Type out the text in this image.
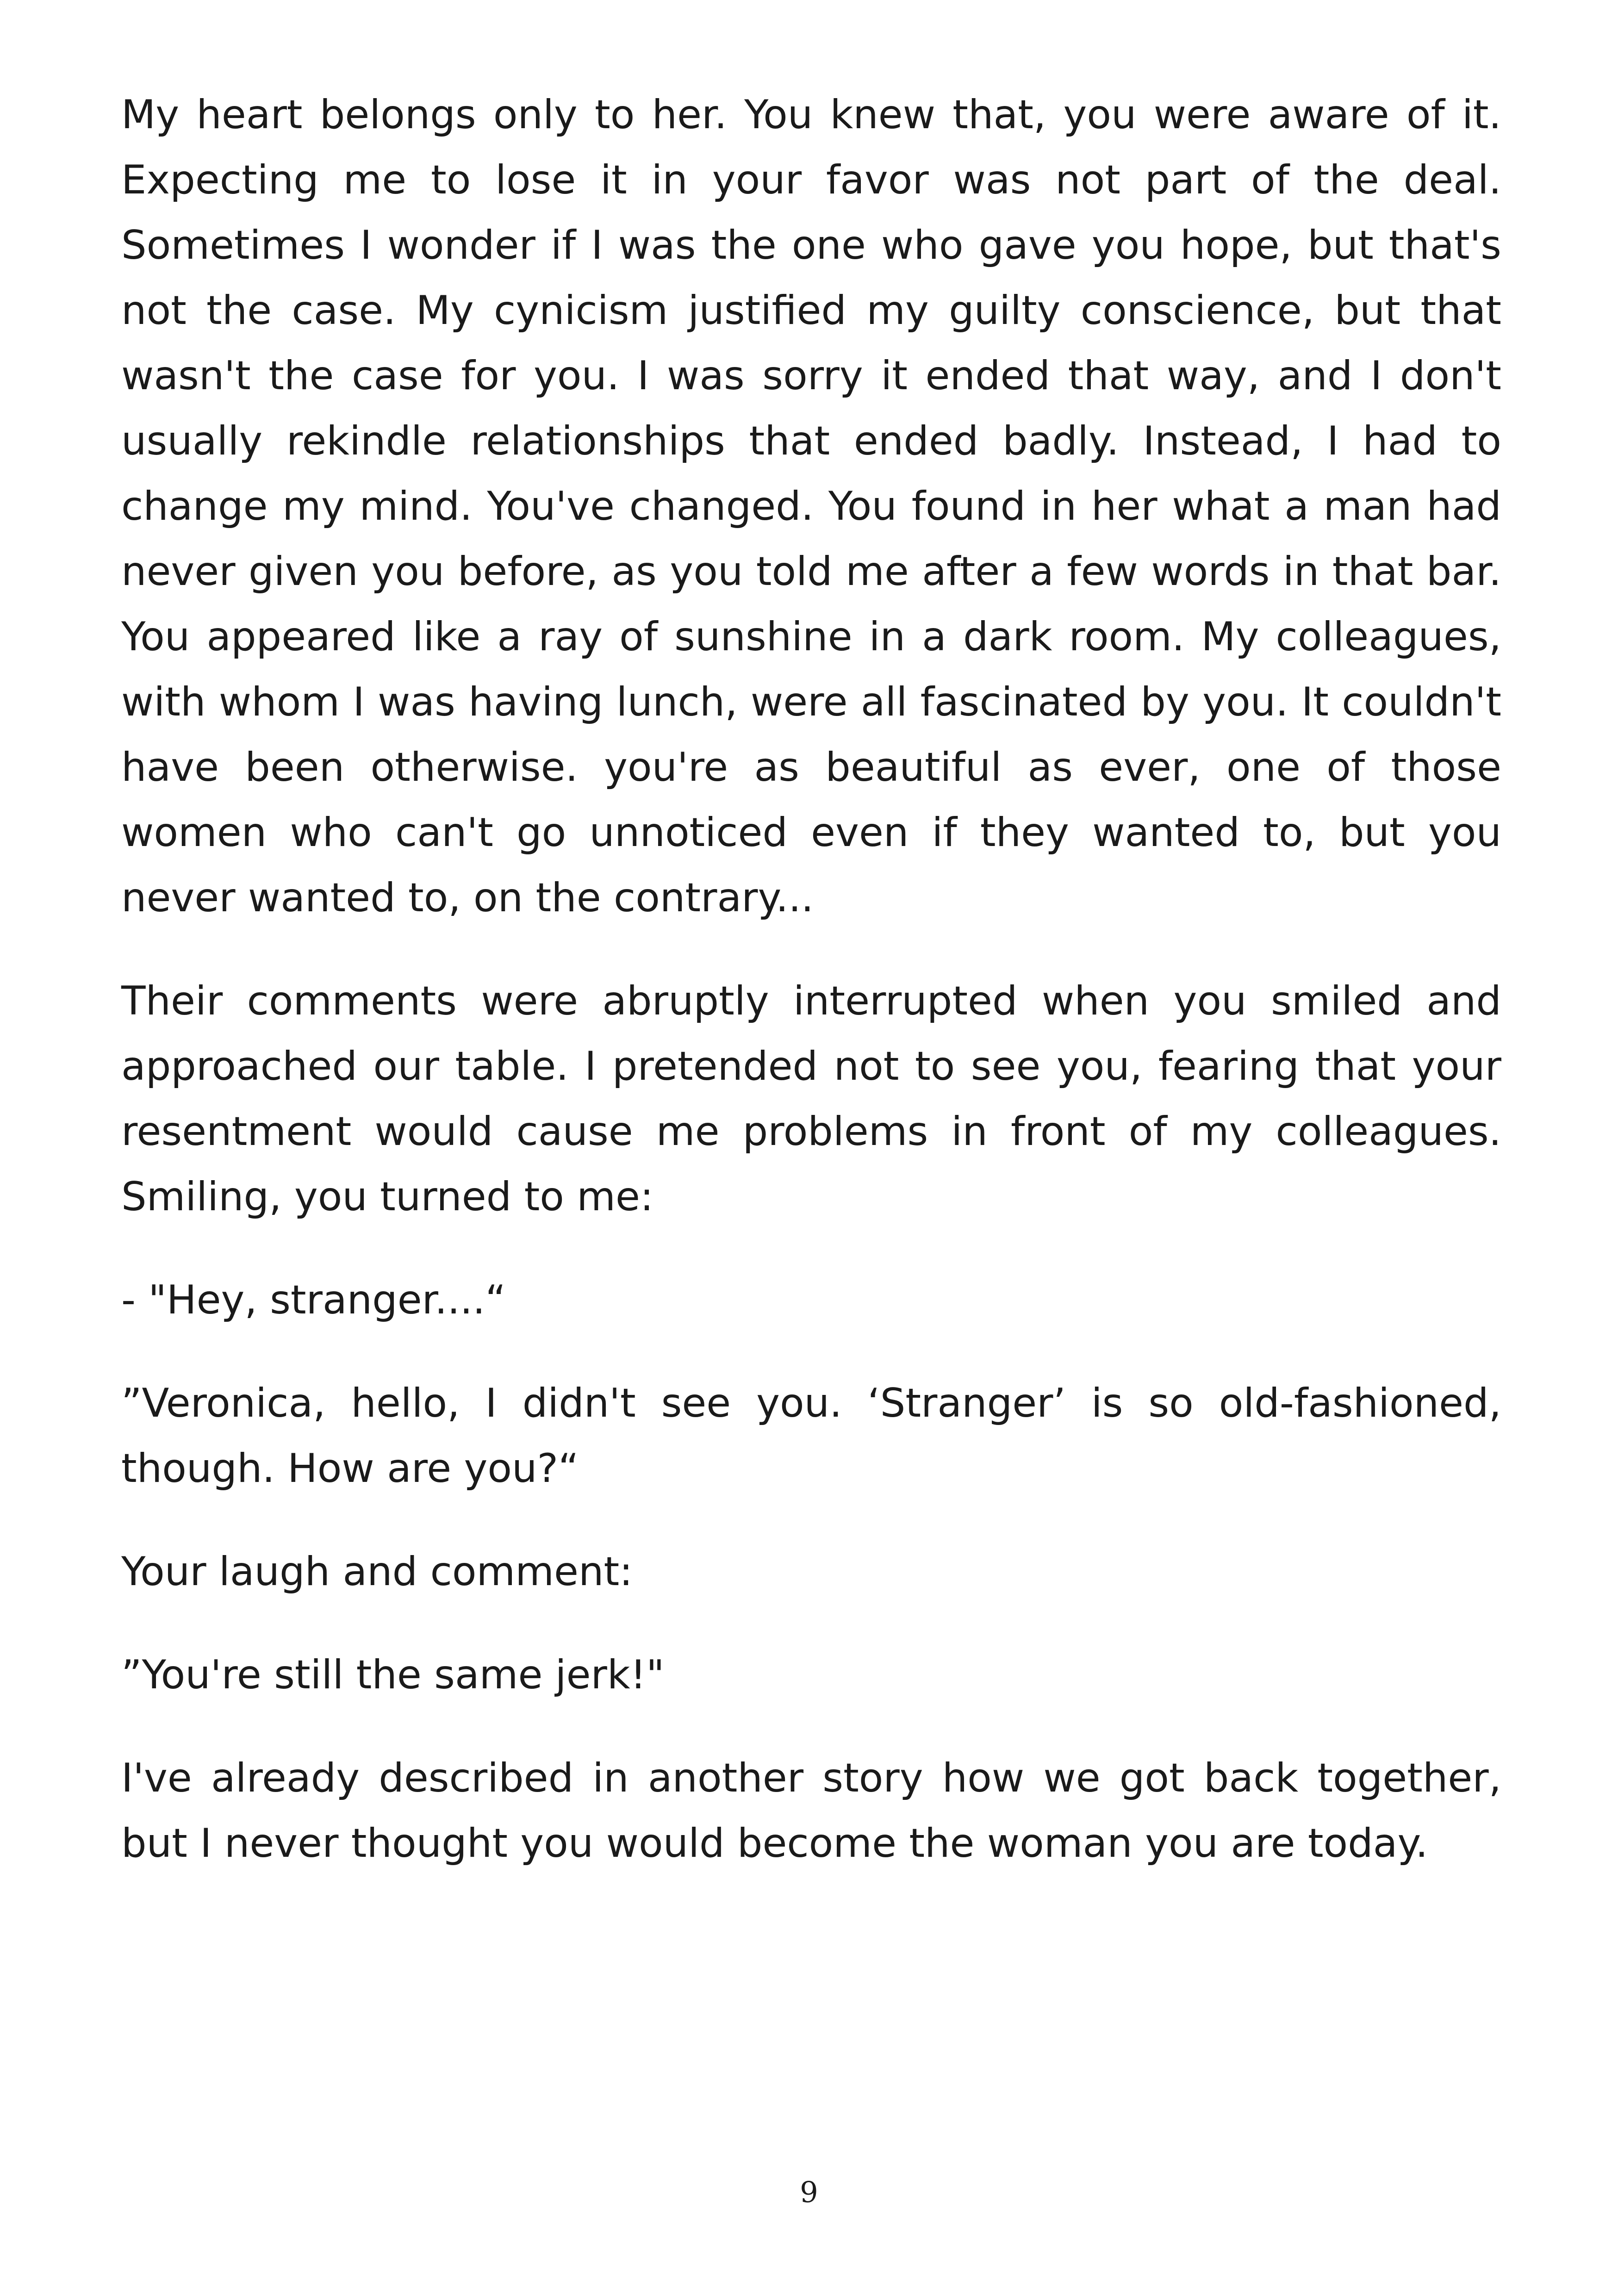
My heart belongs only to her. You knew that, you were aware of it. Expecting me to lose it in your favor was not part of the deal. Sometimes I wonder if I was the one who gave you hope, but that's not the case. My cynicism justified my guilty conscience, but that wasn't the case for you. I was sorry it ended that way, and I don't usually rekindle relationships that ended badly. Instead, I had to change my mind. You've changed. You found in her what a man had never given you before, as you told me after a few words in that bar. You appeared like a ray of sunshine in a dark room. My colleagues, with whom I was having lunch, were all fascinated by you. It couldn't have been otherwise. you're as beautiful as ever, one of those women who can't go unnoticed even if they wanted to, but you never wanted to, on the contrary...

Their comments were abruptly interrupted when you smiled and approached our table. I pretended not to see you, fearing that your resentment would cause me problems in front of my colleagues. Smiling, you turned to me:

- "Hey, stranger....“

”Veronica, hello, I didn't see you. ‘Stranger’ is so old-fashioned, though. How are you?“

Your laugh and comment:

”You're still the same jerk!"

I've already described in another story how we got back together, but I never thought you would become the woman you are today.

9
